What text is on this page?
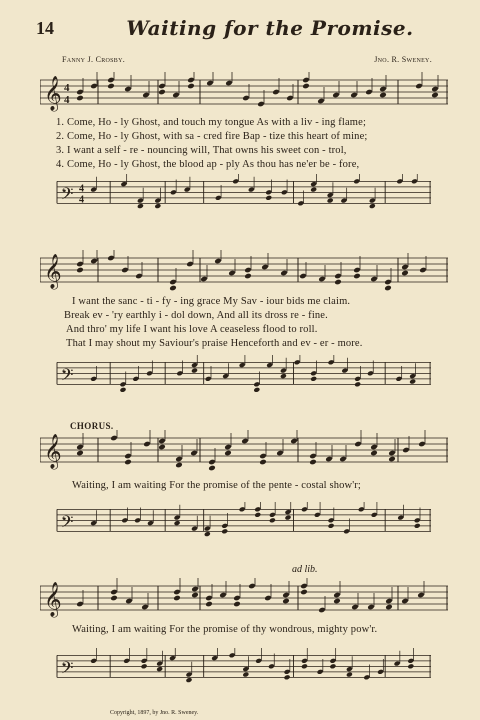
14	Waiting for the Promise.
Fanny J. Crosby.	Jno. R. Sweney.
𝄞 4
4
1. Come, Ho - ly Ghost, and touch my tongue As with a liv - ing flame;
2. Come, Ho - ly Ghost, with sa - cred fire Bap - tize this heart of mine;
3. I want a self - re - nouncing will, That owns his sweet con - trol,
4. Come, Ho - ly Ghost, the blood ap - ply As thou has ne'er be - fore,
𝄢 4
4
𝄞
I want the sanc - ti - fy - ing grace My Sav - iour bids me claim.
Break ev - 'ry earthly i - dol down, And all its dross re - fine.
And thro' my life I want his love A ceaseless flood to roll.
That I may shout my Saviour's praise Henceforth and ev - er - more.
𝄢
CHORUS.
𝄞
Waiting, I am waiting For the promise of the pente - costal show'r;
𝄢
ad lib.
𝄞
Waiting, I am waiting For the promise of thy wondrous, mighty pow'r.
𝄢
Copyright, 1897, by Jno. R. Sweney.
